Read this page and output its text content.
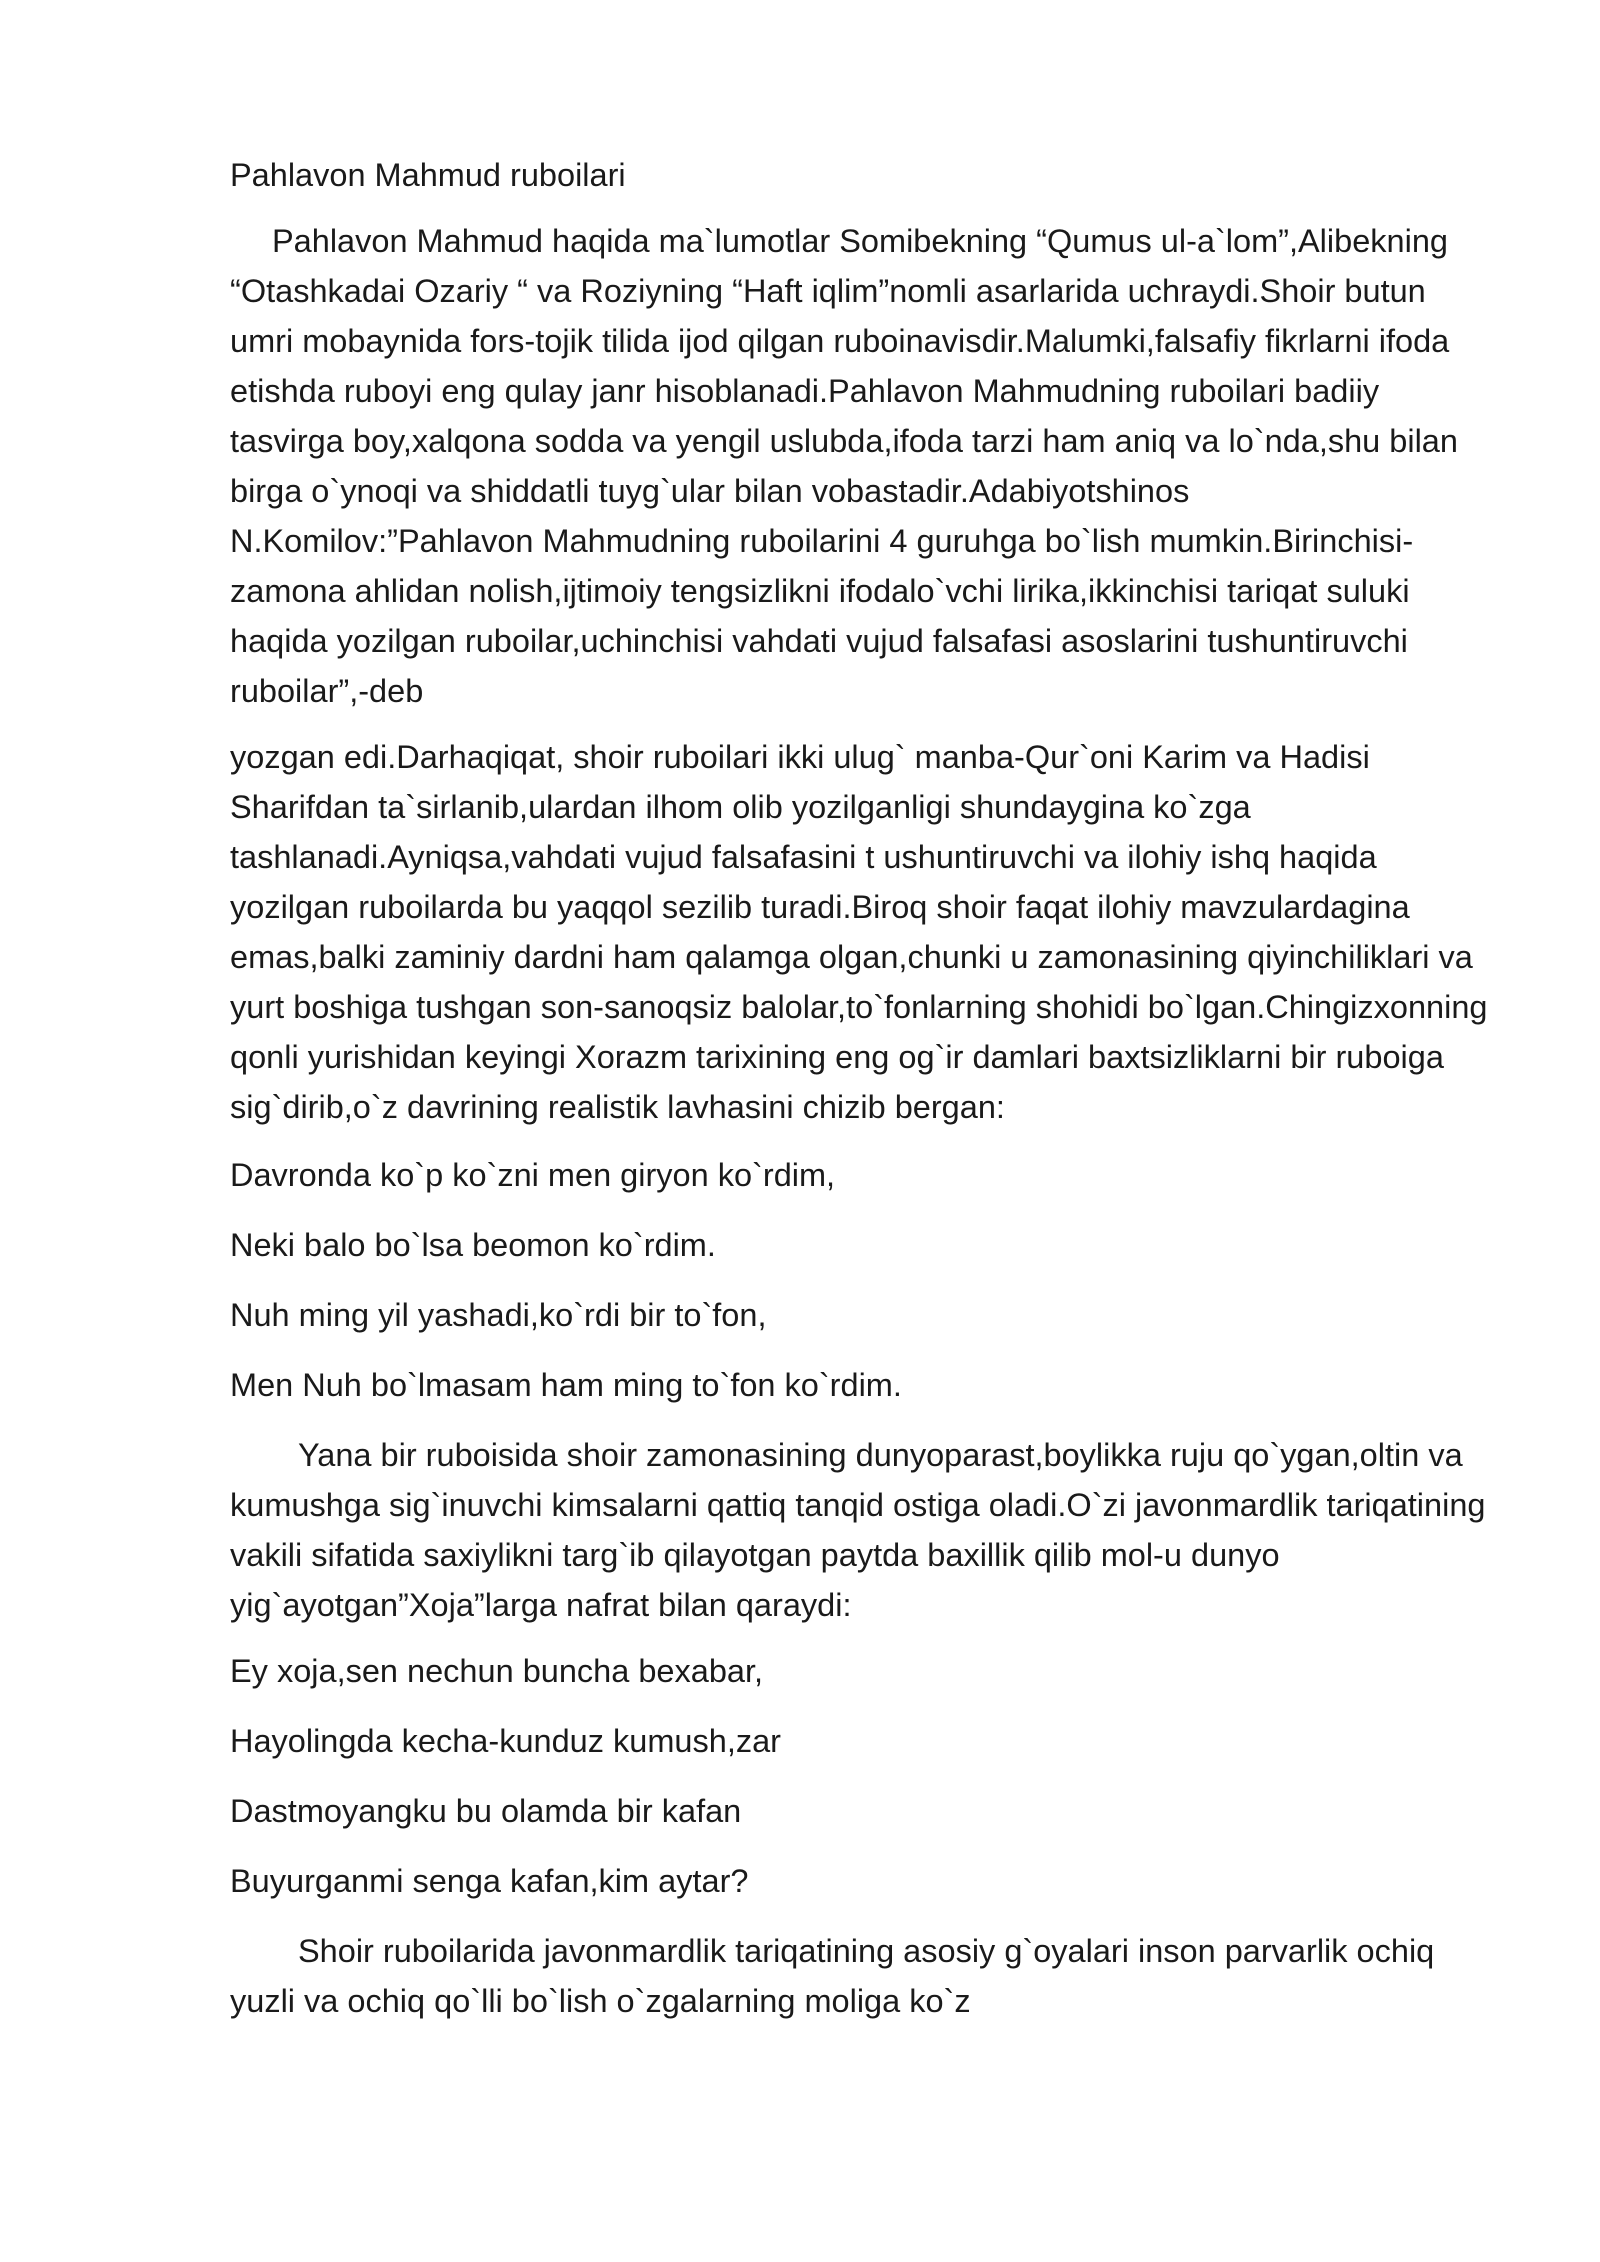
Pahlavon Mahmud ruboilari

Pahlavon Mahmud haqida ma`lumotlar Somibekning “Qumus ul-a`lom”,Alibekning “Otashkadai Ozariy “ va Roziyning “Haft iqlim”nomli asarlarida uchraydi.Shoir butun umri mobaynida fors-tojik tilida ijod qilgan ruboinavisdir.Malumki,falsafiy fikrlarni ifoda etishda ruboyi eng qulay janr hisoblanadi.Pahlavon Mahmudning ruboilari badiiy tasvirga boy,xalqona sodda va yengil uslubda,ifoda tarzi ham aniq va lo`nda,shu bilan birga o`ynoqi va shiddatli tuyg`ular bilan vobastadir.Adabiyotshinos N.Komilov:”Pahlavon Mahmudning ruboilarini 4 guruhga bo`lish mumkin.Birinchisi-zamona ahlidan nolish,ijtimoiy tengsizlikni ifodalo`vchi lirika,ikkinchisi tariqat suluki haqida yozilgan ruboilar,uchinchisi vahdati vujud falsafasi asoslarini tushuntiruvchi ruboilar”,-deb

yozgan edi.Darhaqiqat, shoir ruboilari ikki ulug` manba-Qur`oni Karim va Hadisi Sharifdan ta`sirlanib,ulardan ilhom olib yozilganligi shundaygina ko`zga tashlanadi.Ayniqsa,vahdati vujud falsafasini t ushuntiruvchi va ilohiy ishq haqida yozilgan ruboilarda bu yaqqol sezilib turadi.Biroq shoir faqat ilohiy mavzulardagina emas,balki zaminiy dardni ham qalamga olgan,chunki u zamonasining qiyinchiliklari va yurt boshiga tushgan son-sanoqsiz balolar,to`fonlarning shohidi bo`lgan.Chingizxonning qonli yurishidan keyingi Xorazm tarixining eng og`ir damlari baxtsizliklarni bir ruboiga sig`dirib,o`z davrining realistik lavhasini chizib bergan:

Davronda ko`p ko`zni men giryon ko`rdim,

Neki balo bo`lsa beomon ko`rdim.

Nuh ming yil yashadi,ko`rdi bir to`fon,

Men Nuh bo`lmasam ham ming to`fon ko`rdim.

Yana bir ruboisida shoir zamonasining dunyoparast,boylikka ruju qo`ygan,oltin va kumushga sig`inuvchi kimsalarni qattiq tanqid ostiga oladi.O`zi javonmardlik tariqatining vakili sifatida saxiylikni targ`ib qilayotgan paytda baxillik qilib mol-u dunyo yig`ayotgan”Xoja”larga nafrat bilan qaraydi:

Ey xoja,sen nechun buncha bexabar,

Hayolingda kecha-kunduz kumush,zar

Dastmoyangku bu olamda bir kafan

Buyurganmi senga kafan,kim aytar?

Shoir ruboilarida javonmardlik tariqatining asosiy g`oyalari inson parvarlik ochiq yuzli va ochiq qo`lli bo`lish o`zgalarning moliga ko`z
